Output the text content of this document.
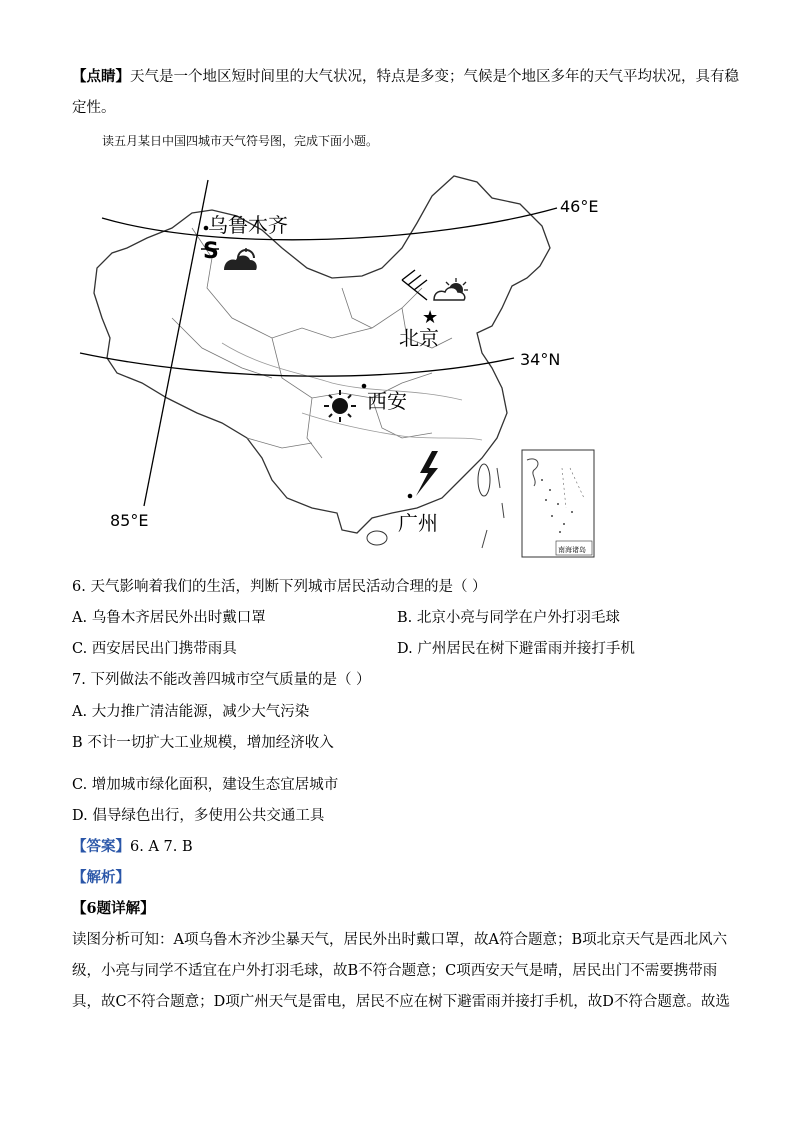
【点睛】天气是一个地区短时间里的大气状况，特点是多变；气候是个地区多年的天气平均状况，具有稳
定性。
读五月某日中国四城市天气符号图，完成下面小题。
46°E
34°N
85°E
乌鲁木齐
S
★
北京
西安
广州
南海诸岛
6. 天气影响着我们的生活，判断下列城市居民活动合理的是（ ）
A. 乌鲁木齐居民外出时戴口罩	B. 北京小亮与同学在户外打羽毛球
C. 西安居民出门携带雨具	D. 广州居民在树下避雷雨并接打手机
7. 下列做法不能改善四城市空气质量的是（ ）
A. 大力推广清洁能源，减少大气污染
B 不计一切扩大工业规模，增加经济收入
C. 增加城市绿化面积，建设生态宜居城市
D. 倡导绿色出行，多使用公共交通工具
【答案】6. A 7. B
【解析】
【6题详解】
读图分析可知：A项乌鲁木齐沙尘暴天气，居民外出时戴口罩，故A符合题意；B项北京天气是西北风六
级，小亮与同学不适宜在户外打羽毛球，故B不符合题意；C项西安天气是晴，居民出门不需要携带雨
具，故C不符合题意；D项广州天气是雷电，居民不应在树下避雷雨并接打手机，故D不符合题意。故选
